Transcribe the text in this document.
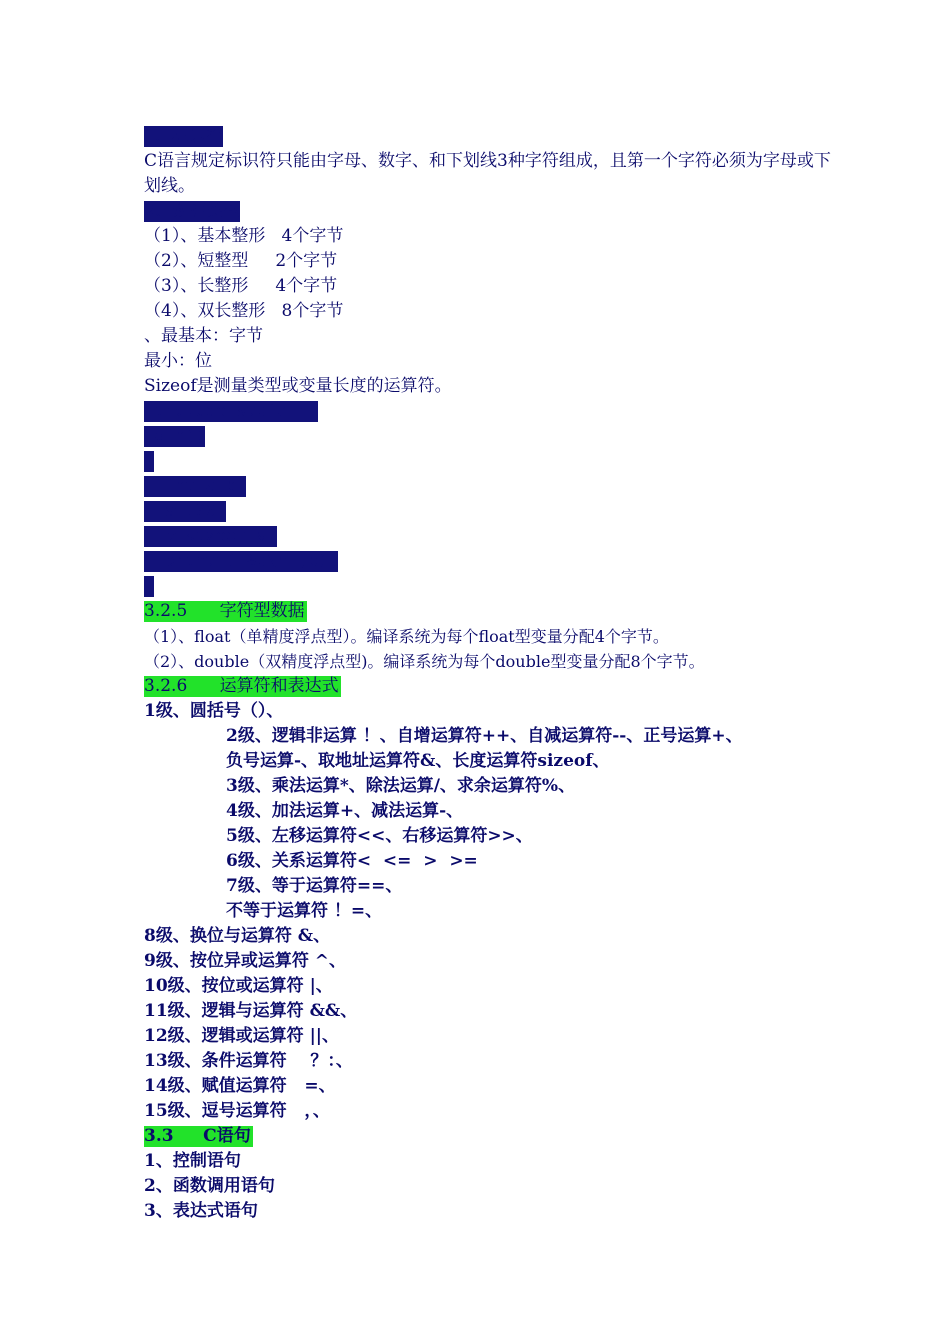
1、标识符
C语言规定标识符只能由字母、数字、和下划线3种字符组成，且第一个字符必须为字母或下划线。
2、数据类型
（1）、基本整形   4个字节
（2）、短整型     2个字节
（3）、长整形     4个字节
（4）、双长整形   8个字节
、最基本：字节
最小：位
Sizeof是测量类型或变量长度的运算符。
#include"stdio.h"
main()
{
int a,b;
a=100;
b=sizeof a;
printf("%d\n",b);
}
3.2.5      字符型数据
（1）、float（单精度浮点型）。编译系统为每个float型变量分配4个字节。
（2）、double（双精度浮点型)。编译系统为每个double型变量分配8个字节。
3.2.6      运算符和表达式
1级、圆括号（）、
2级、逻辑非运算 ！、自增运算符++、自减运算符--、正号运算+、
负号运算-、取地址运算符&、长度运算符sizeof、
3级、乘法运算*、除法运算/、求余运算符%、
4级、加法运算+、减法运算-、
5级、左移运算符<<、右移运算符>>、
6级、关系运算符<  <=  >  >=
7级、等于运算符==、
不等于运算符 ！=、
8级、换位与运算符 &、
9级、按位异或运算符 ^、
10级、按位或运算符 |、
11级、逻辑与运算符 &&、
12级、逻辑或运算符 ||、
13级、条件运算符    ？：、
14级、赋值运算符   =、
15级、逗号运算符   ，、
3.3     C语句
1、控制语句
2、函数调用语句
3、表达式语句
